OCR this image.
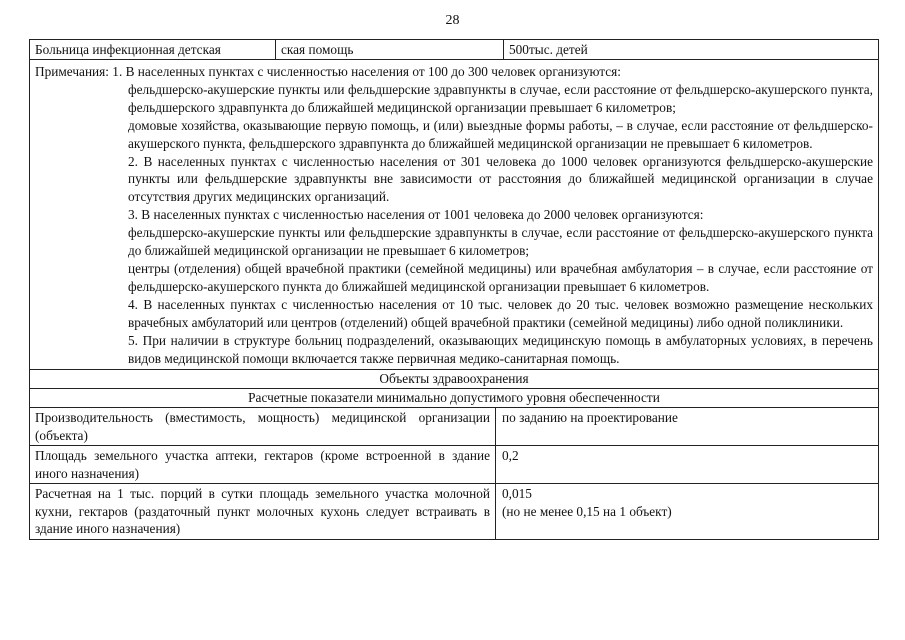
28
Больница инфекционная детская	ская помощь	500тыс. детей

Примечания: 1. В населенных пунктах с численностью населения от 100 до 300 человек организуются:

фельдшерско-акушерские пункты или фельдшерские здравпункты в случае, если расстояние от фельдшерско-акушерского пункта, фельдшерского здравпункта до ближайшей медицинской организации превышает 6 километров;

домовые хозяйства, оказывающие первую помощь, и (или) выездные формы работы, – в случае, если расстояние от фельдшерско-акушерского пункта, фельдшерского здравпункта до ближайшей медицинской организации не превышает 6 километров.

2. В населенных пунктах с численностью населения от 301 человека до 1000 человек организуются фельдшерско-акушерские пункты или фельдшерские здравпункты вне зависимости от расстояния до ближайшей медицинской организации в случае отсутствия других медицинских организаций.

3. В населенных пунктах с численностью населения от 1001 человека до 2000 человек организуются:

фельдшерско-акушерские пункты или фельдшерские здравпункты в случае, если расстояние от фельдшерско-акушерского пункта до ближайшей медицинской организации не превышает 6 километров;

центры (отделения) общей врачебной практики (семейной медицины) или врачебная амбулатория – в случае, если расстояние от фельдшерско-акушерского пункта до ближайшей медицинской организации превышает 6 километров.

4. В населенных пунктах с численностью населения от 10 тыс. человек до 20 тыс. человек возможно размещение нескольких врачебных амбулаторий или центров (отделений) общей врачебной практики (семейной медицины) либо одной поликлиники.

5. При наличии в структуре больниц подразделений, оказывающих медицинскую помощь в амбулаторных условиях, в перечень видов медицинской помощи включается также первичная медико-санитарная помощь.

Объекты здравоохранения
Расчетные показатели минимально допустимого уровня обеспеченности
Производительность (вместимость, мощность) медицинской организации (объекта)
по заданию на проектирование
Площадь земельного участка аптеки, гектаров (кроме встроенной в здание иного назначения)
0,2
Расчетная на 1 тыс. порций в сутки площадь земельного участка молочной кухни, гектаров (раздаточный пункт молочных кухонь следует встраивать в здание иного назначения)

0,015

(но не менее 0,15 на 1 объект)
